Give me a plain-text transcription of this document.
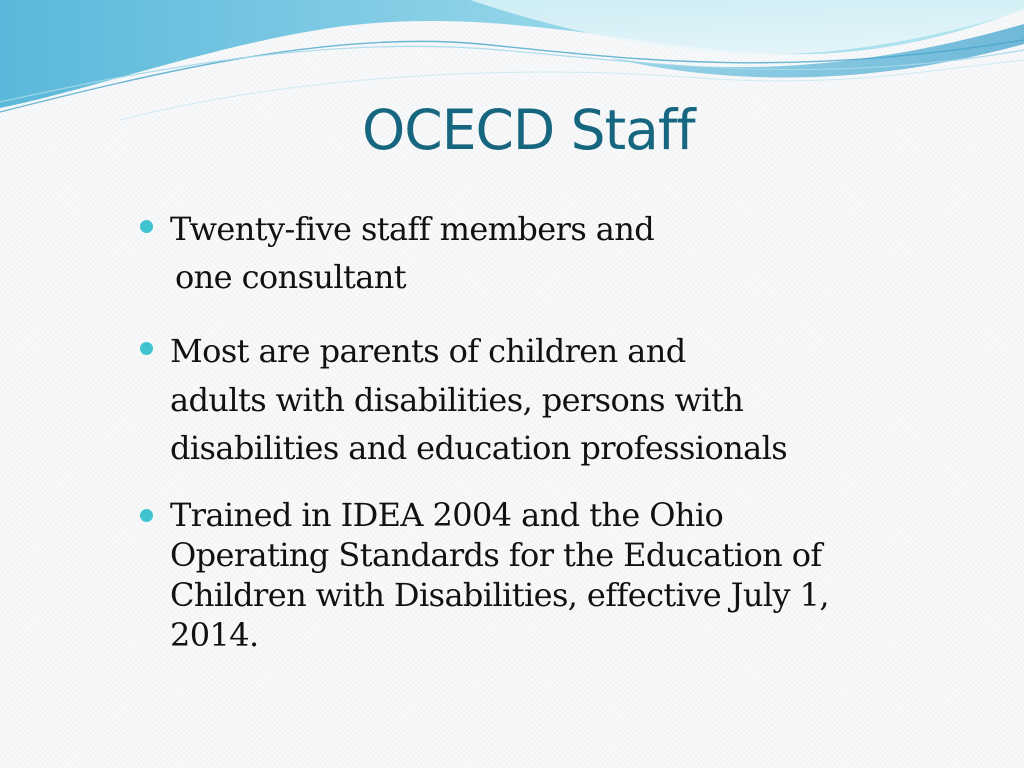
OCECD Staff

Twenty-five staff members and
one consultant

Most are parents of children and
adults with disabilities, persons with
disabilities and education professionals

Trained in IDEA 2004 and the Ohio
Operating Standards for the Education of
Children with Disabilities, effective July 1,
2014.
